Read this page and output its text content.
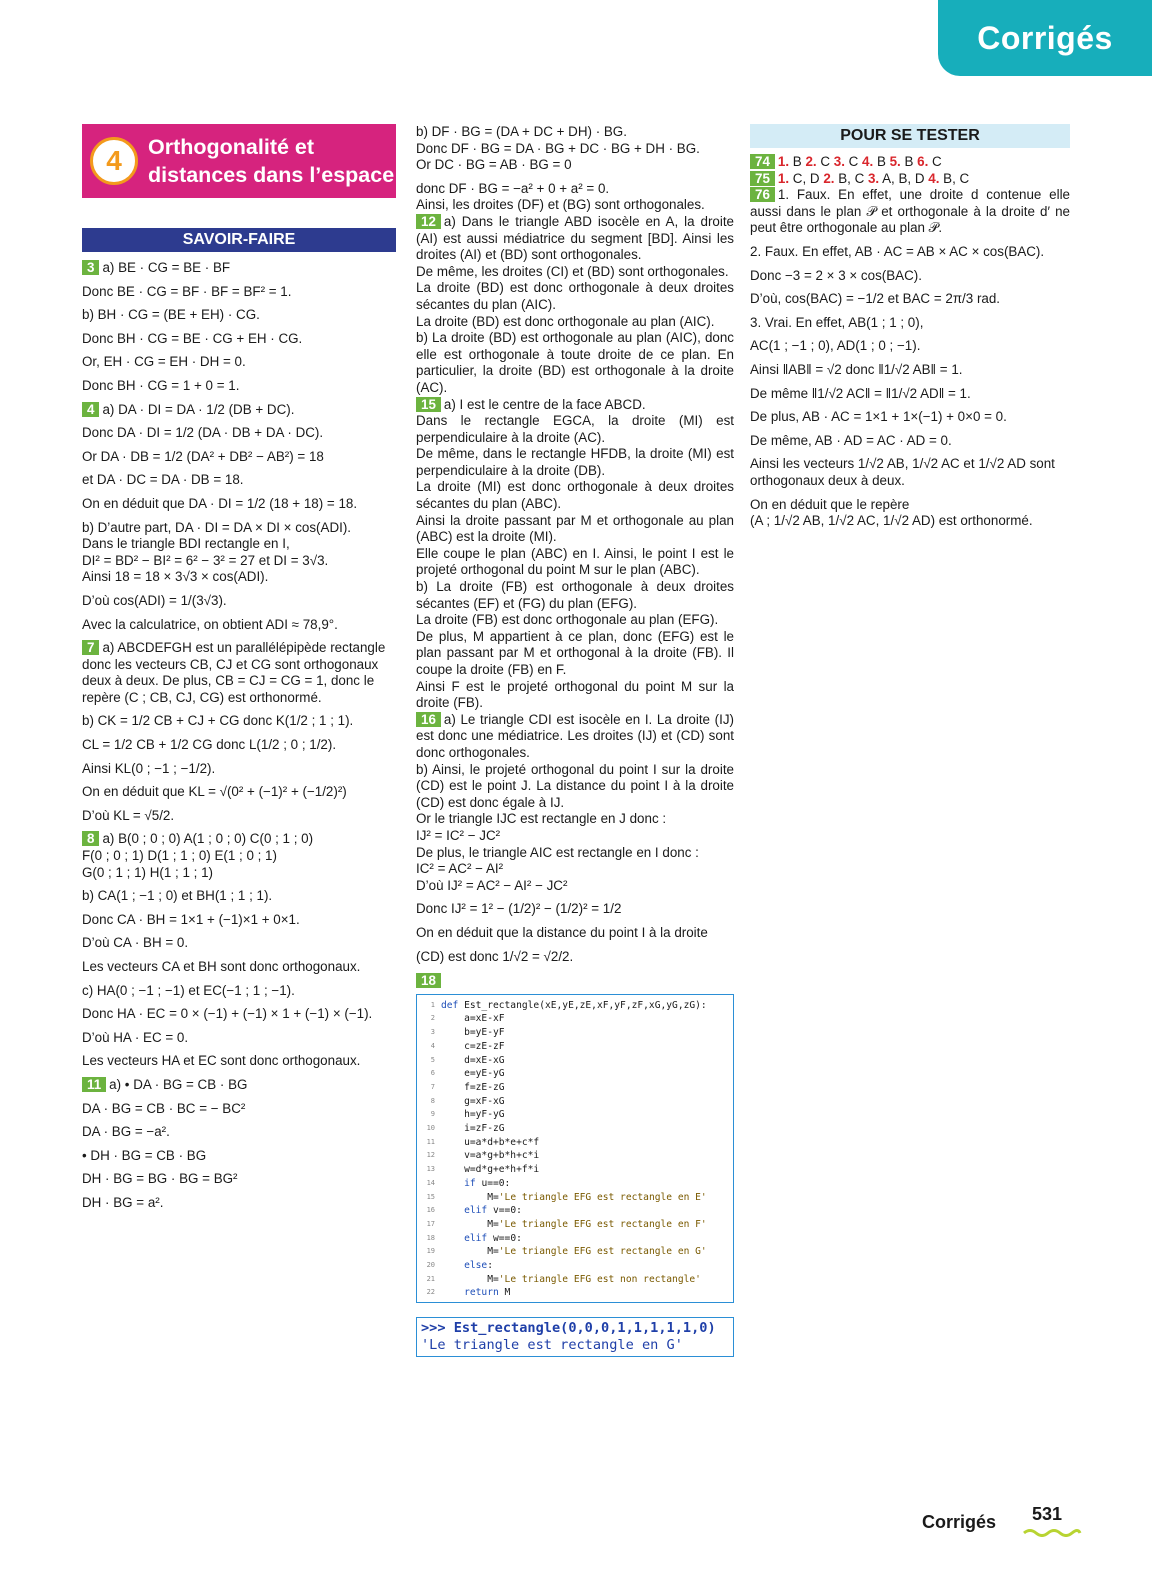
Corrigés
4	Orthogonalité et
distances dans l’espace
SAVOIR-FAIRE
3 a) BE · CG = BE · BF
Donc BE · CG = BF · BF = BF² = 1.
b) BH · CG = (BE + EH) · CG.
Donc BH · CG = BE · CG + EH · CG.
Or, EH · CG = EH · DH = 0.
Donc BH · CG = 1 + 0 = 1.
4 a) DA · DI = DA · 1/2 (DB + DC).
Donc DA · DI = 1/2 (DA · DB + DA · DC).
Or DA · DB = 1/2 (DA² + DB² − AB²) = 18
et DA · DC = DA · DB = 18.
On en déduit que DA · DI = 1/2 (18 + 18) = 18.
b) D’autre part, DA · DI = DA × DI × cos(ADI).
Dans le triangle BDI rectangle en I,
DI² = BD² − BI² = 6² − 3² = 27 et DI = 3√3.
Ainsi 18 = 18 × 3√3 × cos(ADI).
D’où cos(ADI) = 1/(3√3).
Avec la calculatrice, on obtient ADI ≈ 78,9°.
7 a) ABCDEFGH est un parallélépipède rectangle
donc les vecteurs CB, CJ et CG sont orthogonaux
deux à deux. De plus, CB = CJ = CG = 1, donc le
repère (C ; CB, CJ, CG) est orthonormé.
b) CK = 1/2 CB + CJ + CG donc K(1/2 ; 1 ; 1).
CL = 1/2 CB + 1/2 CG donc L(1/2 ; 0 ; 1/2).
Ainsi KL(0 ; −1 ; −1/2).
On en déduit que KL = √(0² + (−1)² + (−1/2)²)
D’où KL = √5/2.
8 a) B(0 ; 0 ; 0) A(1 ; 0 ; 0) C(0 ; 1 ; 0)
F(0 ; 0 ; 1) D(1 ; 1 ; 0) E(1 ; 0 ; 1)
G(0 ; 1 ; 1) H(1 ; 1 ; 1)
b) CA(1 ; −1 ; 0) et BH(1 ; 1 ; 1).
Donc CA · BH = 1×1 + (−1)×1 + 0×1.
D’où CA · BH = 0.
Les vecteurs CA et BH sont donc orthogonaux.
c) HA(0 ; −1 ; −1) et EC(−1 ; 1 ; −1).
Donc HA · EC = 0 × (−1) + (−1) × 1 + (−1) × (−1).
D’où HA · EC = 0.
Les vecteurs HA et EC sont donc orthogonaux.
11 a) • DA · BG = CB · BG
DA · BG = CB · BC = − BC²
DA · BG = −a².
• DH · BG = CB · BG
DH · BG = BG · BG = BG²
DH · BG = a².
b) DF · BG = (DA + DC + DH) · BG.
Donc DF · BG = DA · BG + DC · BG + DH · BG.
Or DC · BG = AB · BG = 0
donc DF · BG = −a² + 0 + a² = 0.
Ainsi, les droites (DF) et (BG) sont orthogonales.
12 a) Dans le triangle ABD isocèle en A, la droite (AI) est aussi médiatrice du segment [BD]. Ainsi les droites (AI) et (BD) sont orthogonales.
De même, les droites (CI) et (BD) sont orthogonales.
La droite (BD) est donc orthogonale à deux droites sécantes du plan (AIC).
La droite (BD) est donc orthogonale au plan (AIC).
b) La droite (BD) est orthogonale au plan (AIC), donc elle est orthogonale à toute droite de ce plan. En particulier, la droite (BD) est orthogonale à la droite (AC).
15 a) I est le centre de la face ABCD.
Dans le rectangle EGCA, la droite (MI) est perpendiculaire à la droite (AC).
De même, dans le rectangle HFDB, la droite (MI) est perpendiculaire à la droite (DB).
La droite (MI) est donc orthogonale à deux droites sécantes du plan (ABC).
Ainsi la droite passant par M et orthogonale au plan (ABC) est la droite (MI).
Elle coupe le plan (ABC) en I. Ainsi, le point I est le projeté orthogonal du point M sur le plan (ABC).
b) La droite (FB) est orthogonale à deux droites sécantes (EF) et (FG) du plan (EFG).
La droite (FB) est donc orthogonale au plan (EFG).
De plus, M appartient à ce plan, donc (EFG) est le plan passant par M et orthogonal à la droite (FB). Il coupe la droite (FB) en F.
Ainsi F est le projeté orthogonal du point M sur la droite (FB).
16 a) Le triangle CDI est isocèle en I. La droite (IJ) est donc une médiatrice. Les droites (IJ) et (CD) sont donc orthogonales.
b) Ainsi, le projeté orthogonal du point I sur la droite (CD) est le point J. La distance du point I à la droite (CD) est donc égale à IJ.
Or le triangle IJC est rectangle en J donc :
IJ² = IC² − JC²
De plus, le triangle AIC est rectangle en I donc :
IC² = AC² − AI²
D’où IJ² = AC² − AI² − JC²
Donc IJ² = 1² − (1/2)² − (1/2)² = 1/2
On en déduit que la distance du point I à la droite
(CD) est donc 1/√2 = √2/2.
18
1 def Est_rectangle(xE,yE,zE,xF,yF,zF,xG,yG,zG):
2 a=xE-xF
3 b=yE-yF
4 c=zE-zF
5 d=xE-xG
6 e=yE-yG
7 f=zE-zG
8 g=xF-xG
9 h=yF-yG
10 i=zF-zG
11 u=a*d+b*e+c*f
12 v=a*g+b*h+c*i
13 w=d*g+e*h+f*i
14	if u==0:
15 M='Le triangle EFG est rectangle en E'
16	elif v==0:
17 M='Le triangle EFG est rectangle en F'
18	elif w==0:
19 M='Le triangle EFG est rectangle en G'
20	else:
21 M='Le triangle EFG est non rectangle'
22	return M
>>> Est_rectangle(0,0,0,1,1,1,1,1,0)
'Le triangle est rectangle en G'
POUR SE TESTER
74 1. B 2. C 3. C 4. B 5. B 6. C
75 1. C, D 2. B, C 3. A, B, D 4. B, C
76 1. Faux. En effet, une droite d contenue elle aussi dans le plan 𝒫 et orthogonale à la droite d′ ne peut être orthogonale au plan 𝒫.
2. Faux. En effet, AB · AC = AB × AC × cos(BAC).
Donc −3 = 2 × 3 × cos(BAC).
D’où, cos(BAC) = −1/2 et BAC = 2π/3 rad.
3. Vrai. En effet, AB(1 ; 1 ; 0),
AC(1 ; −1 ; 0), AD(1 ; 0 ; −1).
Ainsi ‖AB‖ = √2 donc ‖1/√2 AB‖ = 1.
De même ‖1/√2 AC‖ = ‖1/√2 AD‖ = 1.
De plus, AB · AC = 1×1 + 1×(−1) + 0×0 = 0.
De même, AB · AD = AC · AD = 0.
Ainsi les vecteurs 1/√2 AB, 1/√2 AC et 1/√2 AD sont
orthogonaux deux à deux.
On en déduit que le repère
(A ; 1/√2 AB, 1/√2 AC, 1/√2 AD) est orthonormé.
Corrigés 531
